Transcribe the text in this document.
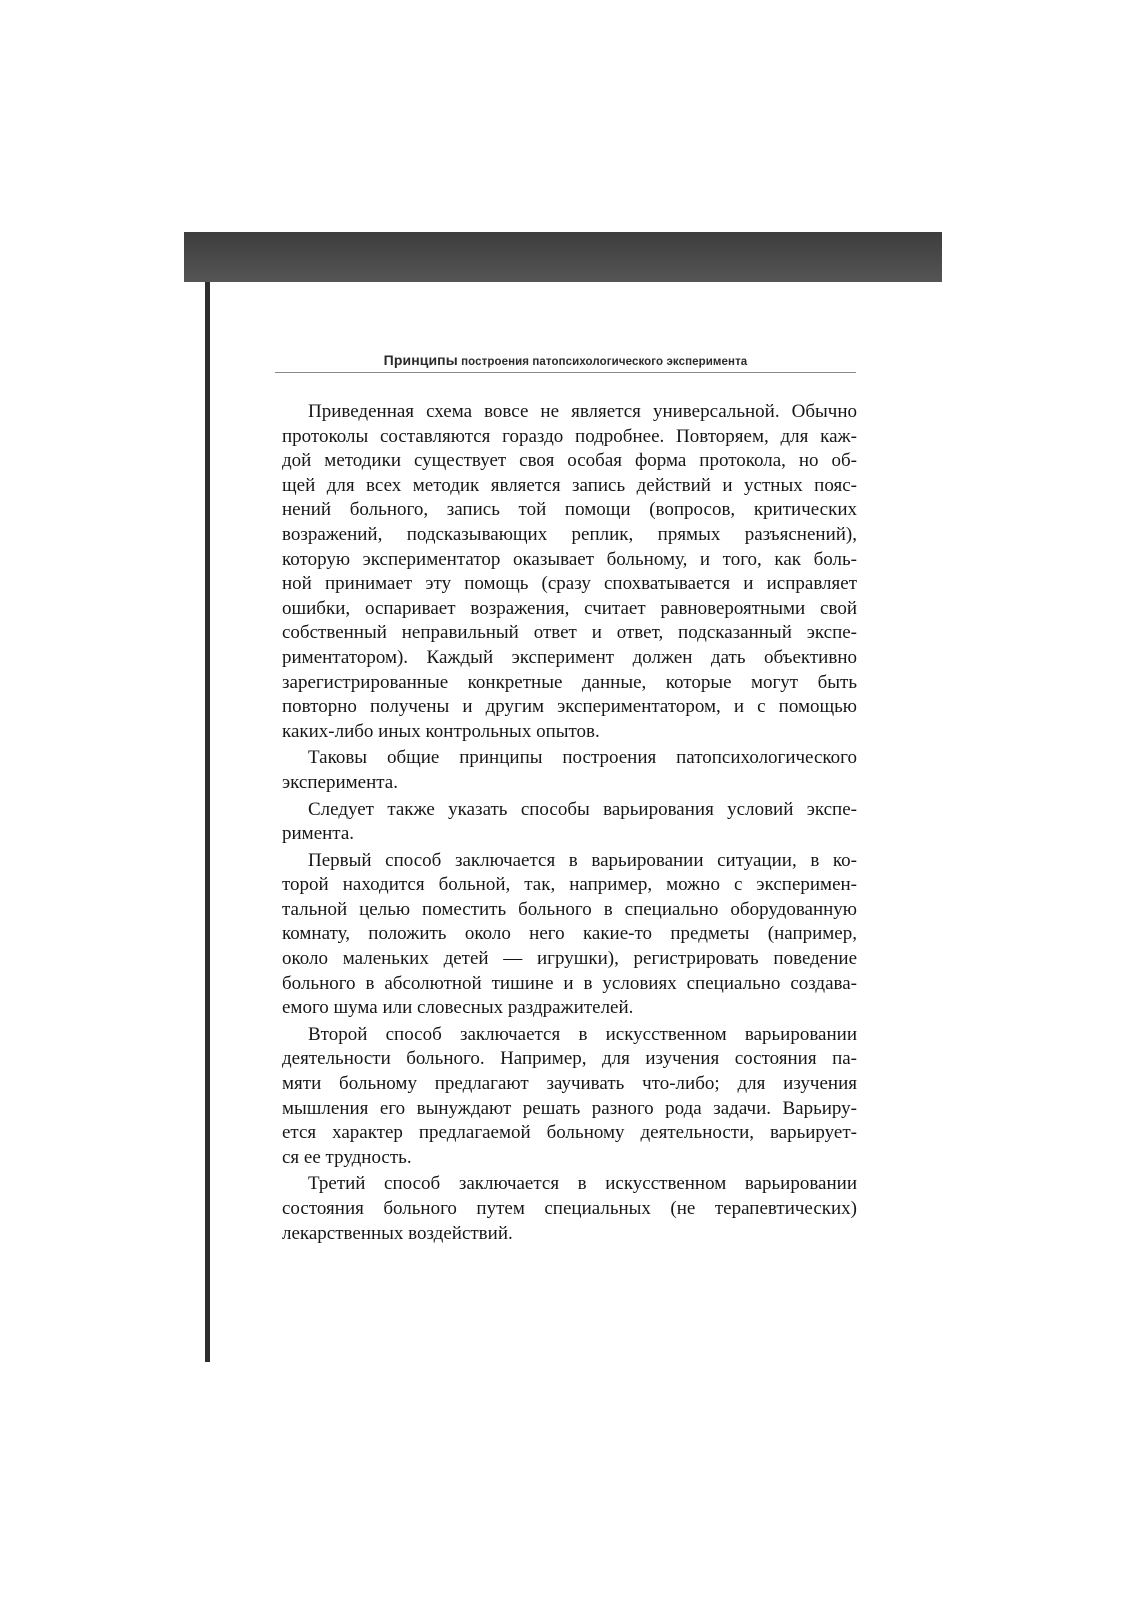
Принципы построения патопсихологического эксперимента
Приведенная схема вовсе не является универсальной. Обычно
протоколы составляются гораздо подробнее. Повторяем, для каж-
дой методики существует своя особая форма протокола, но об-
щей для всех методик является запись действий и устных пояс-
нений больного, запись той помощи (вопросов, критических
возражений, подсказывающих реплик, прямых разъяснений),
которую экспериментатор оказывает больному, и того, как боль-
ной принимает эту помощь (сразу спохватывается и исправляет
ошибки, оспаривает возражения, считает равновероятными свой
собственный неправильный ответ и ответ, подсказанный экспе-
риментатором). Каждый эксперимент должен дать объективно
зарегистрированные конкретные данные, которые могут быть
повторно получены и другим экспериментатором, и с помощью
каких-либо иных контрольных опытов.
Таковы общие принципы построения патопсихологического
эксперимента.
Следует также указать способы варьирования условий экспе-
римента.
Первый способ заключается в варьировании ситуации, в ко-
торой находится больной, так, например, можно с эксперимен-
тальной целью поместить больного в специально оборудованную
комнату, положить около него какие-то предметы (например,
около маленьких детей — игрушки), регистрировать поведение
больного в абсолютной тишине и в условиях специально создава-
емого шума или словесных раздражителей.
Второй способ заключается в искусственном варьировании
деятельности больного. Например, для изучения состояния па-
мяти больному предлагают заучивать что-либо; для изучения
мышления его вынуждают решать разного рода задачи. Варьиру-
ется характер предлагаемой больному деятельности, варьирует-
ся ее трудность.
Третий способ заключается в искусственном варьировании
состояния больного путем специальных (не терапевтических)
лекарственных воздействий.
